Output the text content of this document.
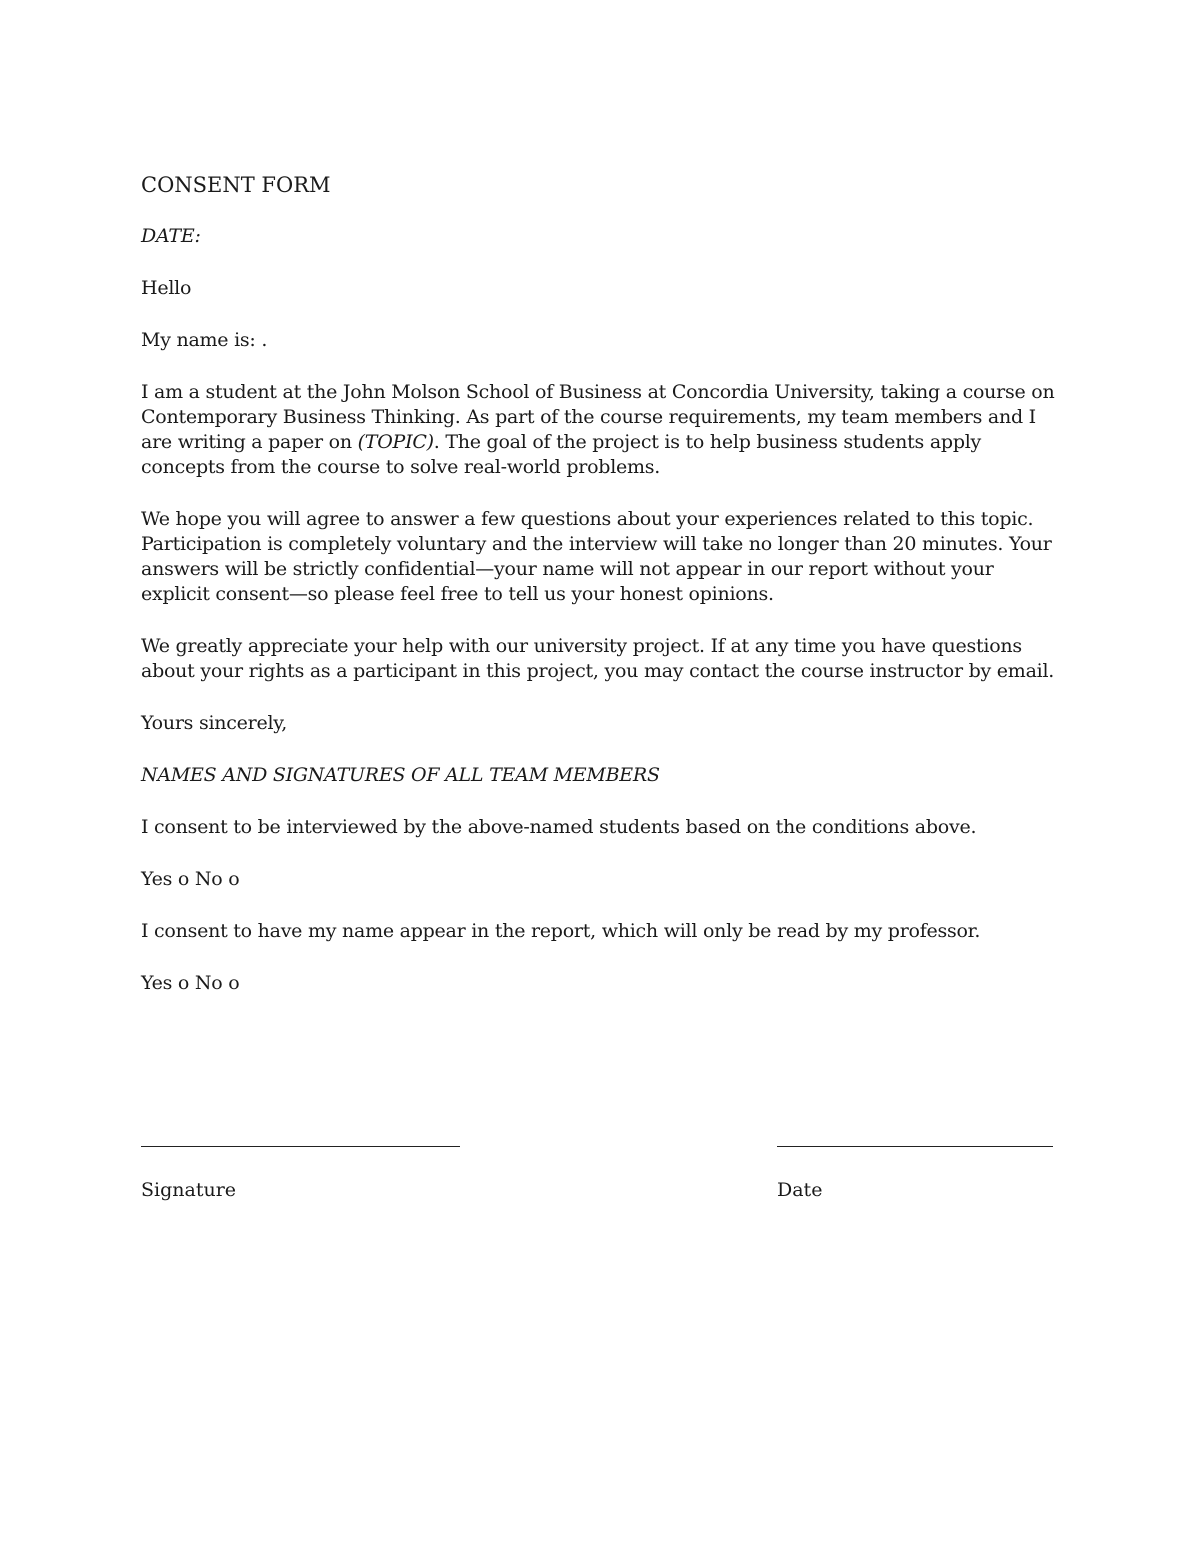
CONSENT FORM

DATE:

Hello

My name is: .

I am a student at the John Molson School of Business at Concordia University, taking a course on Contemporary Business Thinking. As part of the course requirements, my team members and I are writing a paper on (TOPIC). The goal of the project is to help business students apply concepts from the course to solve real-world problems.

We hope you will agree to answer a few questions about your experiences related to this topic. Participation is completely voluntary and the interview will take no longer than 20 minutes. Your answers will be strictly confidential—your name will not appear in our report without your explicit consent—so please feel free to tell us your honest opinions.

We greatly appreciate your help with our university project. If at any time you have questions about your rights as a participant in this project, you may contact the course instructor by email.

Yours sincerely,

NAMES AND SIGNATURES OF ALL TEAM MEMBERS

I consent to be interviewed by the above-named students based on the conditions above.

Yes o No o

I consent to have my name appear in the report, which will only be read by my professor.

Yes o No o

Signature	Date
